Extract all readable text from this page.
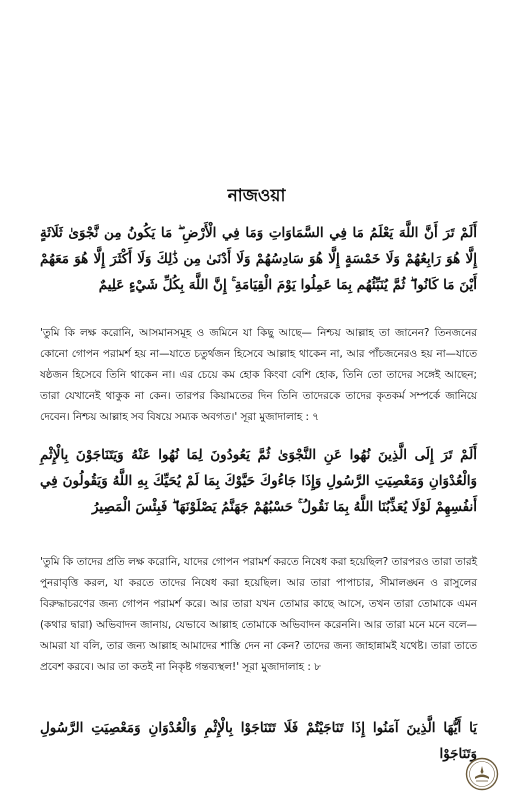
নাজওয়া
أَلَمْ تَرَ أَنَّ اللَّهَ يَعْلَمُ مَا فِي السَّمَاوَاتِ وَمَا فِي الْأَرْضِ ۖ مَا يَكُونُ مِن نَّجْوَىٰ ثَلَاثَةٍ إِلَّا هُوَ رَابِعُهُمْ وَلَا خَمْسَةٍ إِلَّا هُوَ سَادِسُهُمْ وَلَا أَدْنَىٰ مِن ذَٰلِكَ وَلَا أَكْثَرَ إِلَّا هُوَ مَعَهُمْ أَيْنَ مَا كَانُوا ۖ ثُمَّ يُنَبِّئُهُم بِمَا عَمِلُوا يَوْمَ الْقِيَامَةِ ۚ إِنَّ اللَّهَ بِكُلِّ شَيْءٍ عَلِيمٌ
'তুমি কি লক্ষ করোনি, আসমানসমূহ ও জমিনে যা কিছু আছে— নিশ্চয় আল্লাহ তা জানেন? তিনজনের কোনো গোপন পরামর্শ হয় না—যাতে চতুর্থজন হিসেবে আল্লাহ থাকেন না, আর পাঁচজনেরও হয় না—যাতে ষষ্ঠজন হিসেবে তিনি থাকেন না। এর চেয়ে কম হোক কিংবা বেশি হোক, তিনি তো তাদের সঙ্গেই আছেন; তারা যেখানেই থাকুক না কেন। তারপর কিয়ামতের দিন তিনি তাদেরকে তাদের কৃতকর্ম সম্পর্কে জানিয়ে দেবেন। নিশ্চয় আল্লাহ সব বিষয়ে সম্যক অবগত।' সূরা মুজাদালাহ : ৭
أَلَمْ تَرَ إِلَى الَّذِينَ نُهُوا عَنِ النَّجْوَىٰ ثُمَّ يَعُودُونَ لِمَا نُهُوا عَنْهُ وَيَتَنَاجَوْنَ بِالْإِثْمِ وَالْعُدْوَانِ وَمَعْصِيَتِ الرَّسُولِ وَإِذَا جَاءُوكَ حَيَّوْكَ بِمَا لَمْ يُحَيِّكَ بِهِ اللَّهُ وَيَقُولُونَ فِي أَنفُسِهِمْ لَوْلَا يُعَذِّبُنَا اللَّهُ بِمَا نَقُولُ ۚ حَسْبُهُمْ جَهَنَّمُ يَصْلَوْنَهَا ۖ فَبِئْسَ الْمَصِيرُ
'তুমি কি তাদের প্রতি লক্ষ করোনি, যাদের গোপন পরামর্শ করতে নিষেধ করা হয়েছিল? তারপরও তারা তারই পুনরাবৃত্তি করল, যা করতে তাদের নিষেধ করা হয়েছিল। আর তারা পাপাচার, সীমালঙ্ঘন ও রাসুলের বিরুদ্ধাচরণের জন্য গোপন পরামর্শ করে। আর তারা যখন তোমার কাছে আসে, তখন তারা তোমাকে এমন (কথার দ্বারা) অভিবাদন জানায়, যেভাবে আল্লাহ তোমাকে অভিবাদন করেননি। আর তারা মনে মনে বলে—আমরা যা বলি, তার জন্য আল্লাহ আমাদের শাস্তি দেন না কেন? তাদের জন্য জাহান্নামই যথেষ্ট। তারা তাতে প্রবেশ করবে। আর তা কতই না নিকৃষ্ট গন্তব্যস্থল!' সূরা মুজাদালাহ : ৮
يَا أَيُّهَا الَّذِينَ آمَنُوا إِذَا تَنَاجَيْتُمْ فَلَا تَتَنَاجَوْا بِالْإِثْمِ وَالْعُدْوَانِ وَمَعْصِيَتِ الرَّسُولِ وَتَنَاجَوْا
